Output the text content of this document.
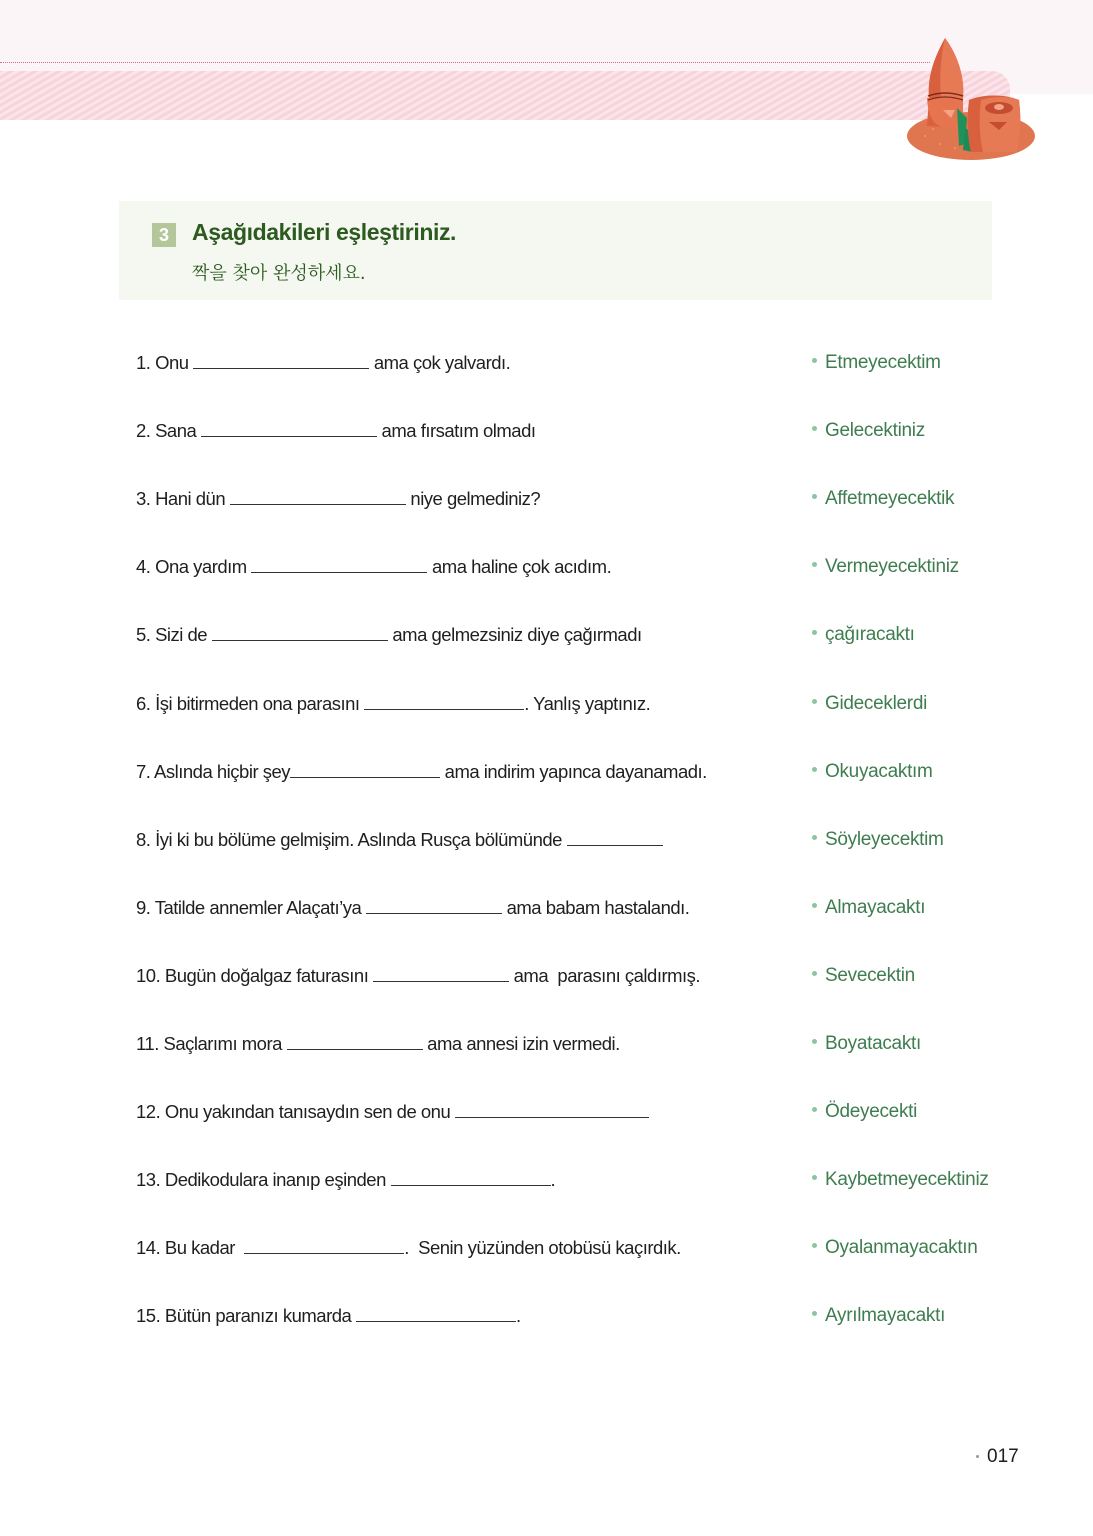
3	Aşağıdakileri eşleştiriniz.
짝을 찾아 완성하세요.
1. Onu	ama çok yalvardı.
2. Sana	ama fırsatım olmadı
3. Hani dün	niye gelmediniz?
4. Ona yardım	ama haline çok acıdım.
5. Sizi de	ama gelmezsiniz diye çağırmadı
6. İşi bitirmeden ona parasını	. Yanlış yaptınız.
7. Aslında hiçbir şey	ama indirim yapınca dayanamadı.
8. İyi ki bu bölüme gelmişim. Aslında Rusça bölümünde
9. Tatilde annemler Alaçatı’ya	ama babam hastalandı.
10. Bugün doğalgaz faturasını	ama  parasını çaldırmış.
11. Saçlarımı mora	ama annesi izin vermedi.
12. Onu yakından tanısaydın sen de onu
13. Dedikodulara inanıp eşinden	.
14. Bu kadar	.  Senin yüzünden otobüsü kaçırdık.
15. Bütün paranızı kumarda	.
Etmeyecektim
Gelecektiniz
Affetmeyecektik
Vermeyecektiniz
çağıracaktı
Gideceklerdi
Okuyacaktım
Söyleyecektim
Almayacaktı
Sevecektin
Boyatacaktı
Ödeyecekti
Kaybetmeyecektiniz
Oyalanmayacaktın
Ayrılmayacaktı
017
